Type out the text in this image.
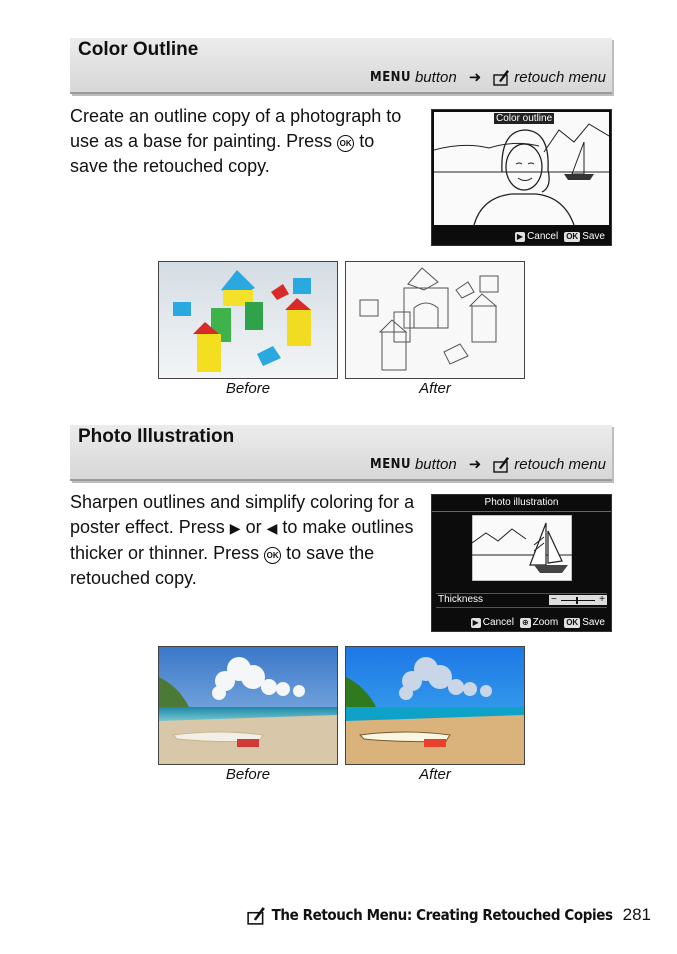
Color Outline
MENU button ➜ retouch menu
Create an outline copy of a photograph to use as a base for painting. Press OK to save the retouched copy.
Color outline
▶ Cancel OK Save
Before	After
Photo Illustration
MENU button ➜ retouch menu
Sharpen outlines and simplify coloring for a poster effect. Press ▶ or ◀ to make outlines thicker or thinner. Press OK to save the retouched copy.
Photo illustration
Thickness	−	+
▶ Cancel ⊕ Zoom OK Save
Before	After
The Retouch Menu: Creating Retouched Copies 281
